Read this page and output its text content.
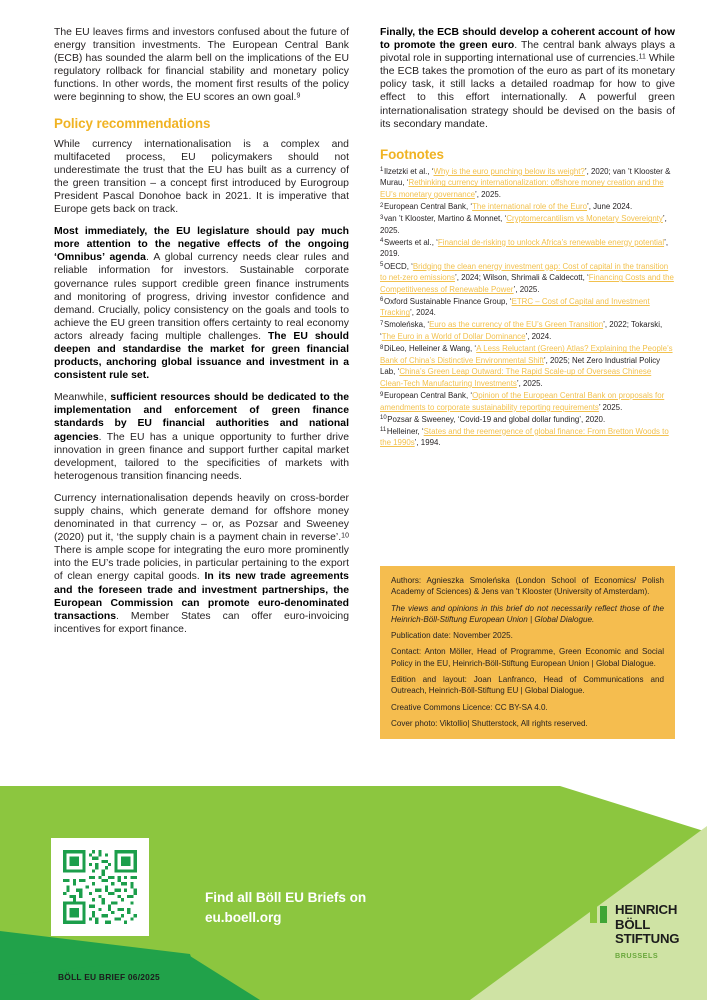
The EU leaves firms and investors confused about the future of energy transition investments. The European Central Bank (ECB) has sounded the alarm bell on the implications of the EU regulatory rollback for financial stability and monetary policy functions. In other words, the moment first results of the policy were beginning to show, the EU scores an own goal.$^9$

Policy recommendations

While currency internationalisation is a complex and multifaceted process, EU policymakers should not underestimate the trust that the EU has built as a currency of the green transition – a concept first introduced by Eurogroup President Pascal Donohoe back in 2021. It is imperative that Europe gets back on track.

Most immediately, the EU legislature should pay much more attention to the negative effects of the ongoing ‘Omnibus’ agenda. A global currency needs clear rules and reliable information for investors. Sustainable corporate governance rules support credible green finance instruments and monitoring of progress, driving investor confidence and demand. Crucially, policy consistency on the goals and tools to achieve the EU green transition offers certainty to real economy actors already facing multiple challenges. The EU should deepen and standardise the market for green financial products, anchoring global issuance and investment in a consistent rule set.

Meanwhile, sufficient resources should be dedicated to the implementation and enforcement of green finance standards by EU financial authorities and national agencies. The EU has a unique opportunity to further drive innovation in green finance and support further capital market development, tailored to the specificities of markets with heterogenous transition financing needs.

Currency internationalisation depends heavily on cross-border supply chains, which generate demand for offshore money denominated in that currency – or, as Pozsar and Sweeney (2020) put it, ‘the supply chain is a payment chain in reverse’.$^{10}$ There is ample scope for integrating the euro more prominently into the EU’s trade policies, in particular pertaining to the export of clean energy capital goods. In its new trade agreements and the foreseen trade and investment partnerships, the European Commission can promote euro-denominated transactions. Member States can offer euro-invoicing incentives for export finance.

Finally, the ECB should develop a coherent account of how to promote the green euro. The central bank always plays a pivotal role in supporting international use of currencies.$^{11}$ While the ECB takes the promotion of the euro as part of its monetary policy task, it still lacks a detailed roadmap for how to give effect to this effort internationally. A powerful green internationalisation strategy should be devised on the basis of its secondary mandate.

Footnotes
$^1$Ilzetzki et al., ‘Why is the euro punching below its weight?’, 2020; van ’t Klooster & Murau, ‘Rethinking currency internationalization: offshore money creation and the EU’s monetary governance’, 2025.
$^2$European Central Bank, ‘The international role of the Euro’, June 2024.
$^3$van ’t Klooster, Martino & Monnet, ‘Cryptomercantilism vs Monetary Sovereignty’, 2025.
$^4$Sweerts et al., ‘Financial de-risking to unlock Africa’s renewable energy potential’, 2019.
$^5$OECD, ‘Bridging the clean energy investment gap: Cost of capital in the transition to net-zero emissions’, 2024; Wilson, Shrimali & Caldecott, ‘Financing Costs and the Competitiveness of Renewable Power’, 2025.
$^6$Oxford Sustainable Finance Group, ‘ETRC – Cost of Capital and Investment Tracking’, 2024.
$^7$Smoleńska, ‘Euro as the currency of the EU’s Green Transition’, 2022; Tokarski, ‘The Euro in a World of Dollar Dominance’, 2024.
$^8$DiLeo, Helleiner & Wang, ‘A Less Reluctant (Green) Atlas? Explaining the People’s Bank of China’s Distinctive Environmental Shift’, 2025; Net Zero Industrial Policy Lab, ‘China’s Green Leap Outward: The Rapid Scale-up of Overseas Chinese Clean-Tech Manufacturing Investments’, 2025.
$^9$European Central Bank, ‘Opinion of the European Central Bank on proposals for amendments to corporate sustainability reporting requirements’ 2025.
$^{10}$Pozsar & Sweeney, ‘Covid-19 and global dollar funding’, 2020.
$^{11}$Helleiner, ‘States and the reemergence of global finance: From Bretton Woods to the 1990s’, 1994.

Authors: Agnieszka Smoleńska (London School of Economics/ Polish Academy of Sciences) & Jens van 't Klooster (University of Amsterdam).

The views and opinions in this brief do not necessarily reflect those of the Heinrich-Böll-Stiftung European Union | Global Dialogue.

Publication date: November 2025.

Contact: Anton Möller, Head of Programme, Green Economic and Social Policy in the EU, Heinrich-Böll-Stiftung European Union | Global Dialogue.

Edition and layout: Joan Lanfranco, Head of Communications and Outreach, Heinrich-Böll-Stiftung EU | Global Dialogue.

Creative Commons Licence: CC BY-SA 4.0.

Cover photo: Viktollio| Shutterstock, All rights reserved.

BÖLL EU BRIEF 06/2025
Find all Böll EU Briefs on
eu.boell.org
HEINRICH
BÖLL
STIFTUNG
BRUSSELS
